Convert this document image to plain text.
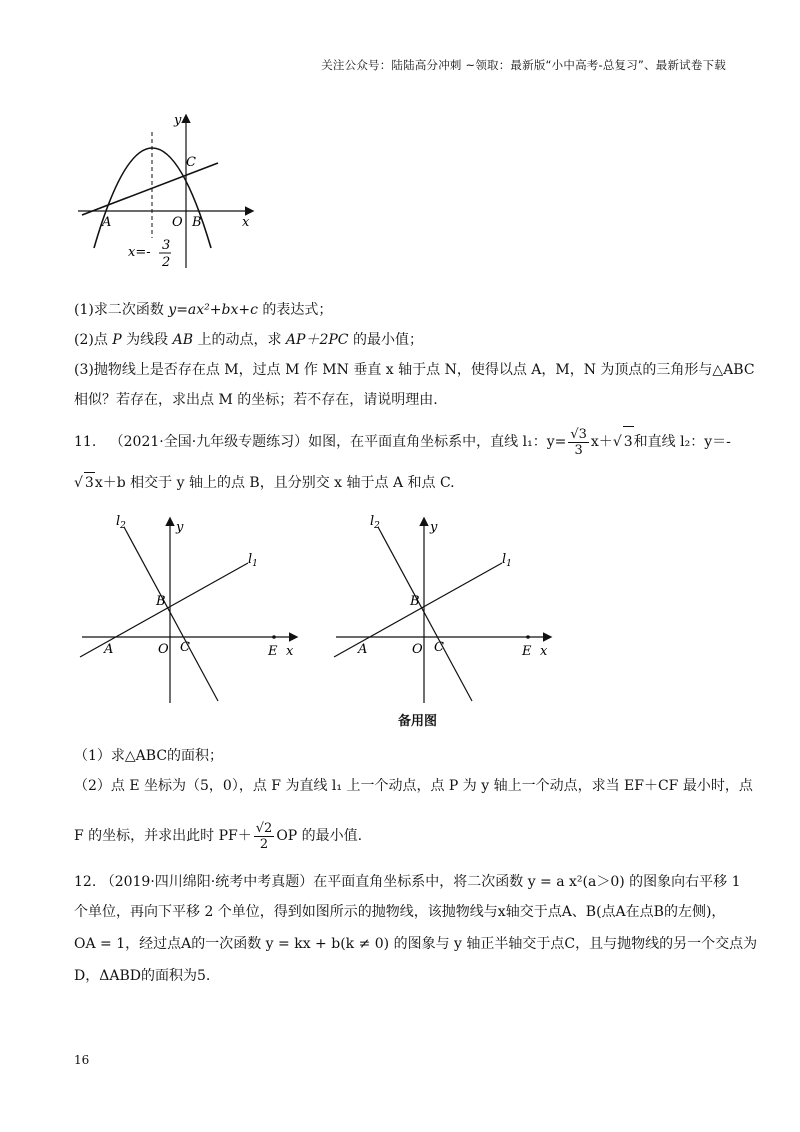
关注公众号：陆陆高分冲刺 ~领取：最新版“小中高考-总复习”、最新试卷下载
y
x
C
A	O B
x=- 3
2
(1)求二次函数 y=ax²+bx+c 的表达式；
(2)点 P 为线段 AB 上的动点，求 AP＋2PC 的最小值；
(3)抛物线上是否存在点 M，过点 M 作 MN 垂直 x 轴于点 N，使得以点 A，M，N 为顶点的三角形与△ABC
相似？若存在，求出点 M 的坐标；若不存在，请说明理由.
11. （2021·全国·九年级专题练习）如图，在平面直角坐标系中，直线 l₁：$y= \frac{√3}{3} x+√$ 3和直线 l₂：y＝-
√ 3x＋b 相交于 y 轴上的点 B，且分别交 x 轴于点 A 和点 C.
$l_2$
$l_1$
y
x
B
A	O C	E
$l_2$
$l_1$
y
x
B
A	O C	E
备用图
（1）求△ABC的面积；
（2）点 E 坐标为（5，0），点 F 为直线 l₁ 上一个动点，点 P 为 y 轴上一个动点，求当 EF＋CF 最小时，点
F 的坐标，并求出此时 $PF+ \frac{√2}{2}$ OP 的最小值.
12. （2019·四川绵阳·统考中考真题）在平面直角坐标系中，将二次函数 y = a x²(a＞0) 的图象向右平移 1
个单位，再向下平移 2 个单位，得到如图所示的抛物线，该抛物线与x轴交于点A、B(点A在点B的左侧)，
OA = 1，经过点A的一次函数 y = kx + b(k ≠ 0) 的图象与 y 轴正半轴交于点C，且与抛物线的另一个交点为
D，ΔABD的面积为5.
16
